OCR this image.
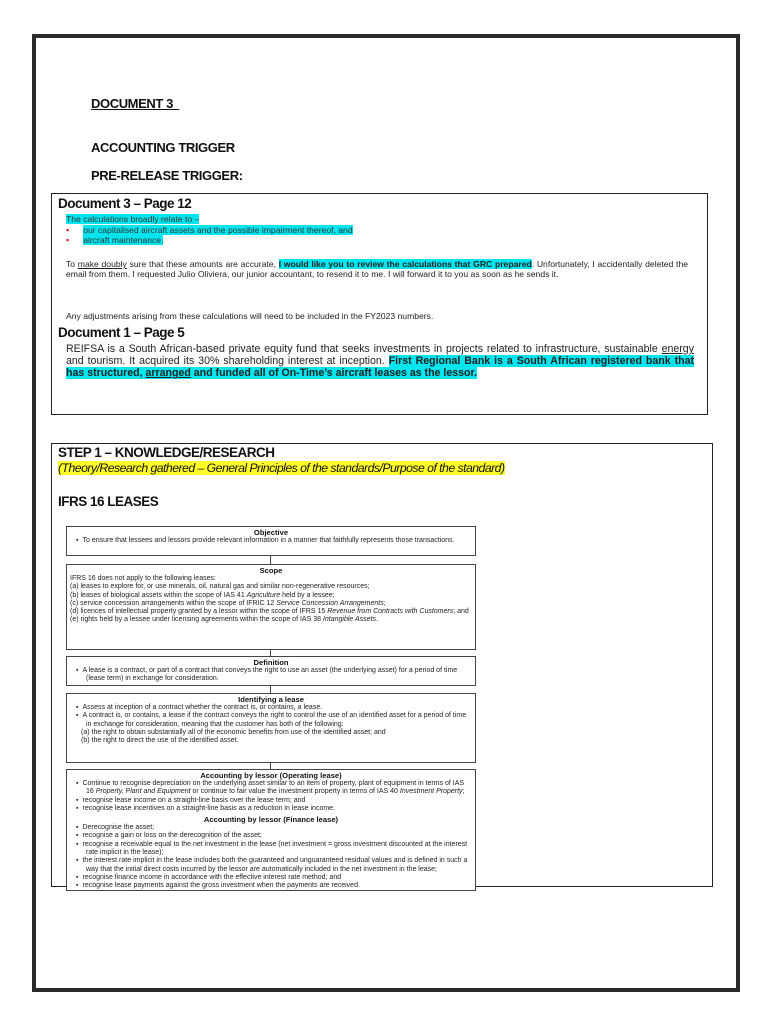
DOCUMENT 3
ACCOUNTING TRIGGER
PRE-RELEASE TRIGGER:
Document 3 – Page 12
The calculations broadly relate to –
▪ our capitalised aircraft assets and the possible impairment thereof, and
▪ aircraft maintenance.
To make doubly sure that these amounts are accurate, I would like you to review the calculations that GRC prepared. Unfortunately, I accidentally deleted the email from them. I requested Julio Oliviera, our junior accountant, to resend it to me. I will forward it to you as soon as he sends it.
Any adjustments arising from these calculations will need to be included in the FY2023 numbers.
Document 1 – Page 5
REIFSA is a South African-based private equity fund that seeks investments in projects related to infrastructure, sustainable energy and tourism. It acquired its 30% shareholding interest at inception. First Regional Bank is a South African registered bank that has structured, arranged and funded all of On-Time’s aircraft leases as the lessor.
STEP 1 – KNOWLEDGE/RESEARCH
(Theory/Research gathered – General Principles of the standards/Purpose of the standard)
IFRS 16 LEASES
Objective

▪ To ensure that lessees and lessors provide relevant information in a manner that faithfully represents those transactions.

Scope

IFRS 16 does not apply to the following leases:

(a) leases to explore for, or use minerals, oil, natural gas and similar non-regenerative resources;

(b) leases of biological assets within the scope of IAS 41 Agriculture held by a lessee;

(c) service concession arrangements within the scope of IFRIC 12 Service Concession Arrangements;

(d) licences of intellectual property granted by a lessor within the scope of IFRS 15 Revenue from Contracts with Customers; and

(e) rights held by a lessee under licensing agreements within the scope of IAS 38 Intangible Assets.

Definition

▪ A lease is a contract, or part of a contract that conveys the right to use an asset (the underlying asset) for a period of time (lease term) in exchange for consideration.

Identifying a lease

▪ Assess at inception of a contract whether the contract is, or contains, a lease.

▪ A contract is, or contains, a lease if the contract conveys the right to control the use of an identified asset for a period of time in exchange for consideration, meaning that the customer has both of the following:

(a) the right to obtain substantially all of the economic benefits from use of the identified asset; and

(b) the right to direct the use of the identified asset.

Accounting by lessor (Operating lease)

▪ Continue to recognise depreciation on the underlying asset similar to an item of property, plant of equipment in terms of IAS 16 Property, Plant and Equipment or continue to fair value the investment property in terms of IAS 40 Investment Property;

▪ recognise lease income on a straight-line basis over the lease term; and

▪ recognise lease incentives on a straight-line basis as a reduction in lease income.

Accounting by lessor (Finance lease)

▪ Derecognise the asset;

▪ recognise a gain or loss on the derecognition of the asset;

▪ recognise a receivable equal to the net investment in the lease (net investment = gross investment discounted at the interest rate implicit in the lease);

▪ the interest rate implicit in the lease includes both the guaranteed and unguaranteed residual values and is defined in such a way that the initial direct costs incurred by the lessor are automatically included in the net investment in the lease;

▪ recognise finance income in accordance with the effective interest rate method; and

▪ recognise lease payments against the gross investment when the payments are received.
